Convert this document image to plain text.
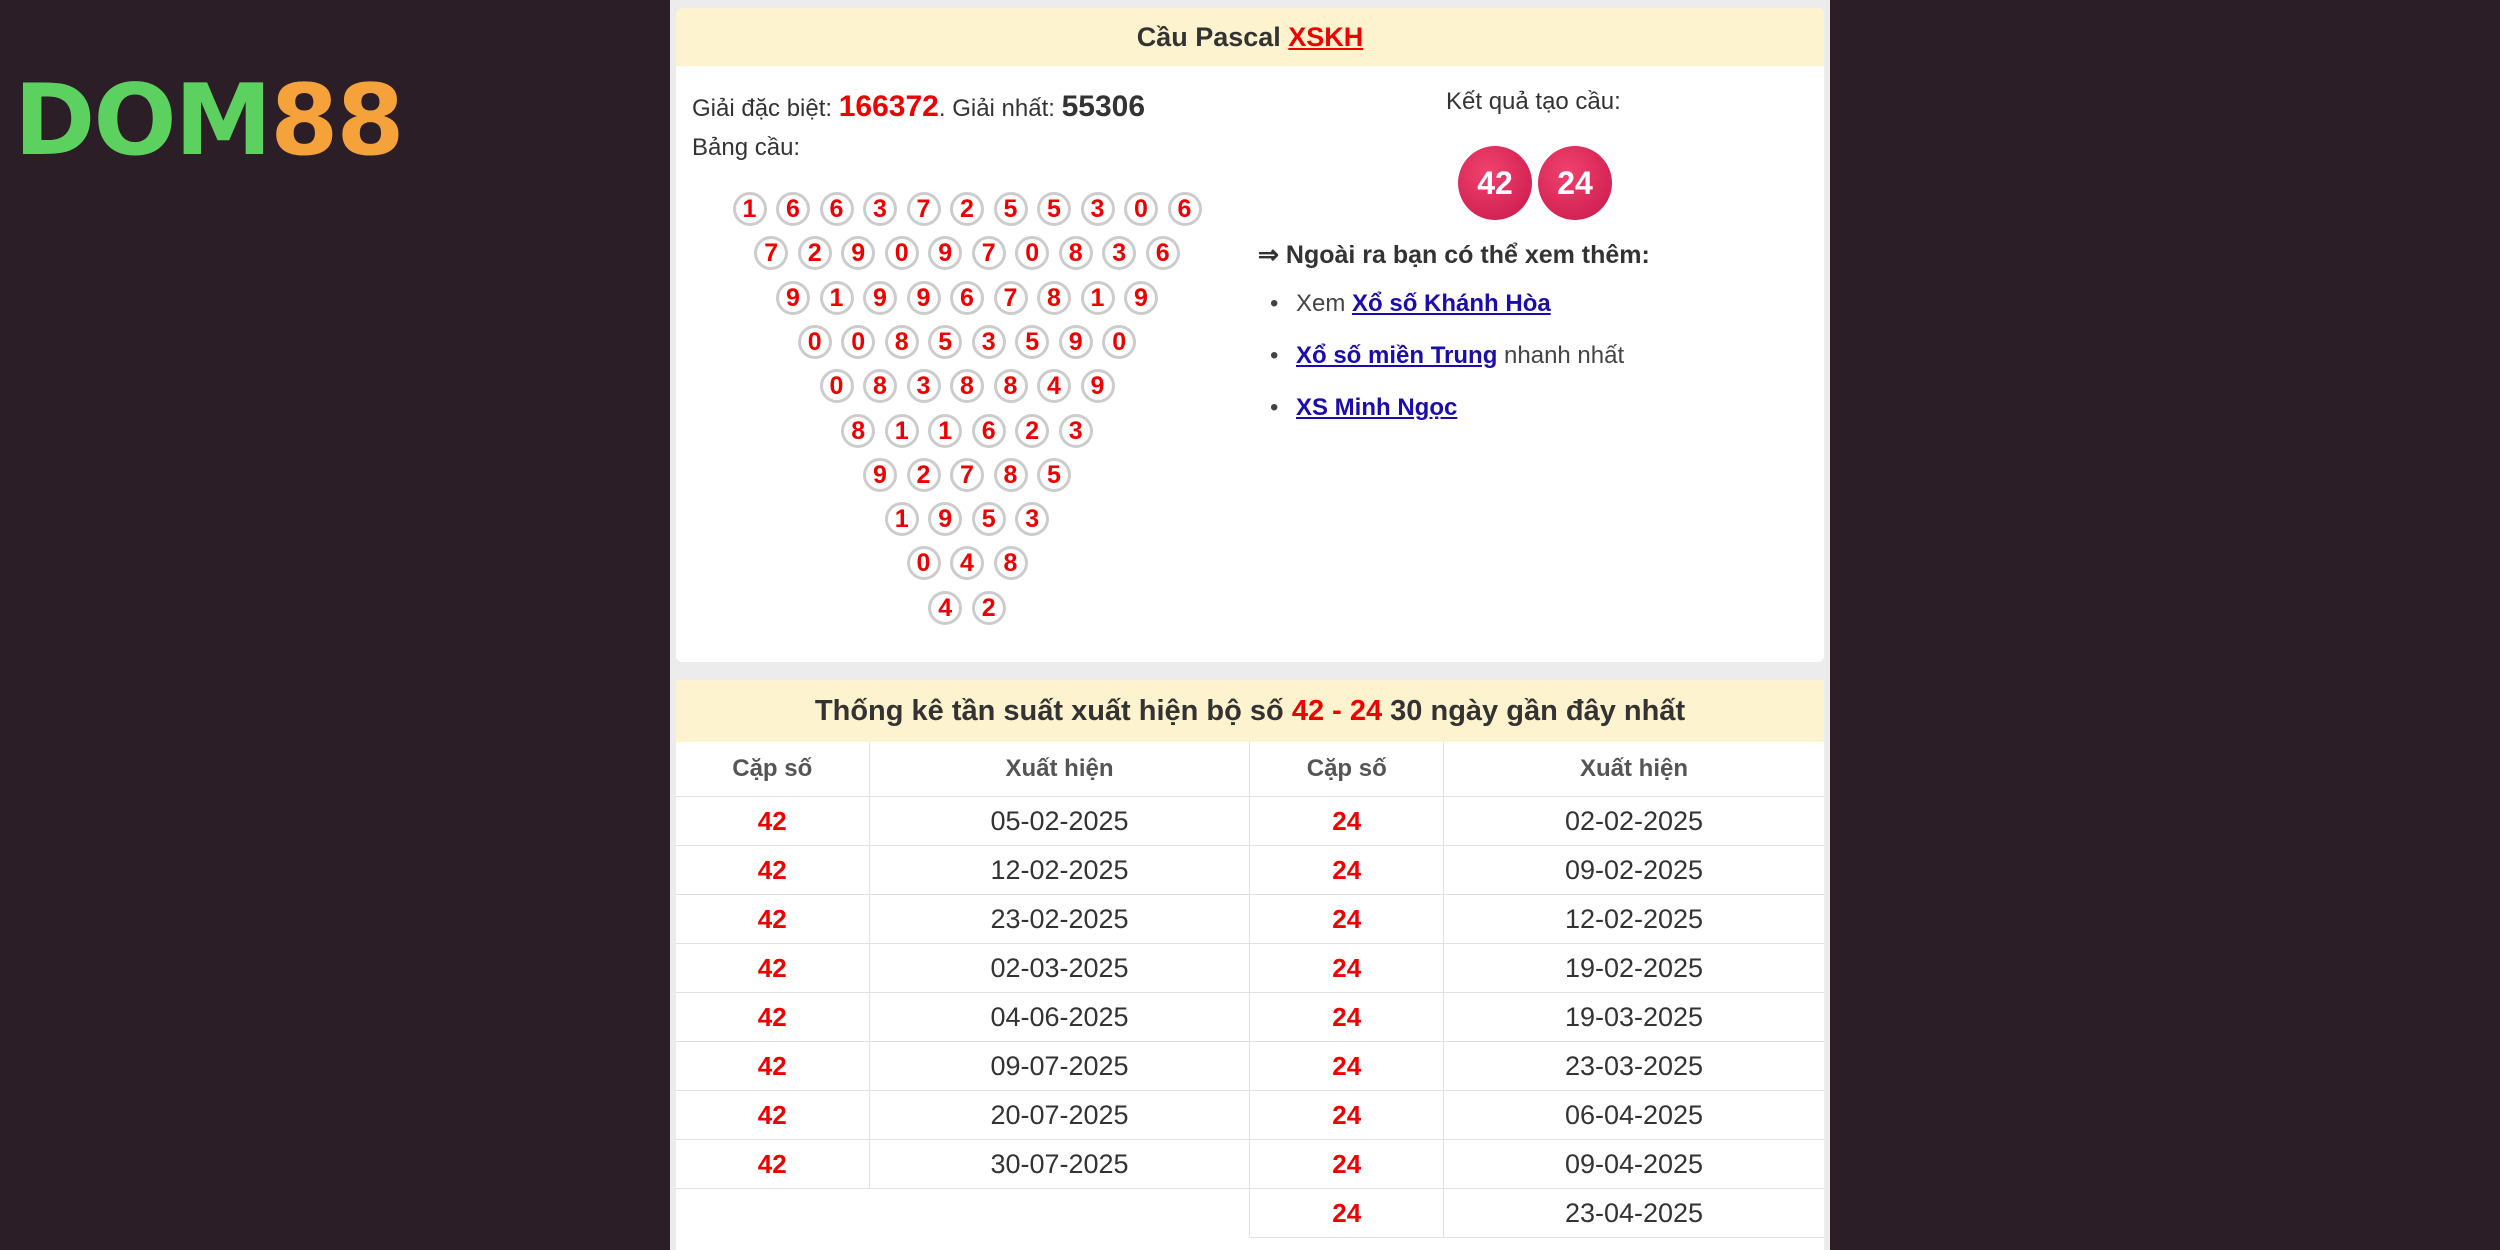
DOM88
Cầu Pascal XSKH
Giải đặc biệt: 166372. Giải nhất: 55306
Bảng cầu:
1	6	6	3	7	2	5	5	3	0	6
7	2	9	0	9	7	0	8	3	6
9	1	9	9	6	7	8	1	9
0	0	8	5	3	5	9	0
0	8	3	8	8	4	9
8	1	1	6	2	3
9	2	7	8	5
1	9	5	3
0	4	8
4	2
Kết quả tạo cầu:
42	24
⇒ Ngoài ra bạn có thể xem thêm:
• Xem Xổ số Khánh Hòa
• Xổ số miền Trung nhanh nhất
• XS Minh Ngọc
Thống kê tần suất xuất hiện bộ số 42 - 24 30 ngày gần đây nhất
Cặp số	Xuất hiện	Cặp số	Xuất hiện
42	05-02-2025	24	02-02-2025
42	12-02-2025	24	09-02-2025
42	23-02-2025	24	12-02-2025
42	02-03-2025	24	19-02-2025
42	04-06-2025	24	19-03-2025
42	09-07-2025	24	23-03-2025
42	20-07-2025	24	06-04-2025
42	30-07-2025	24	09-04-2025
		24	23-04-2025
